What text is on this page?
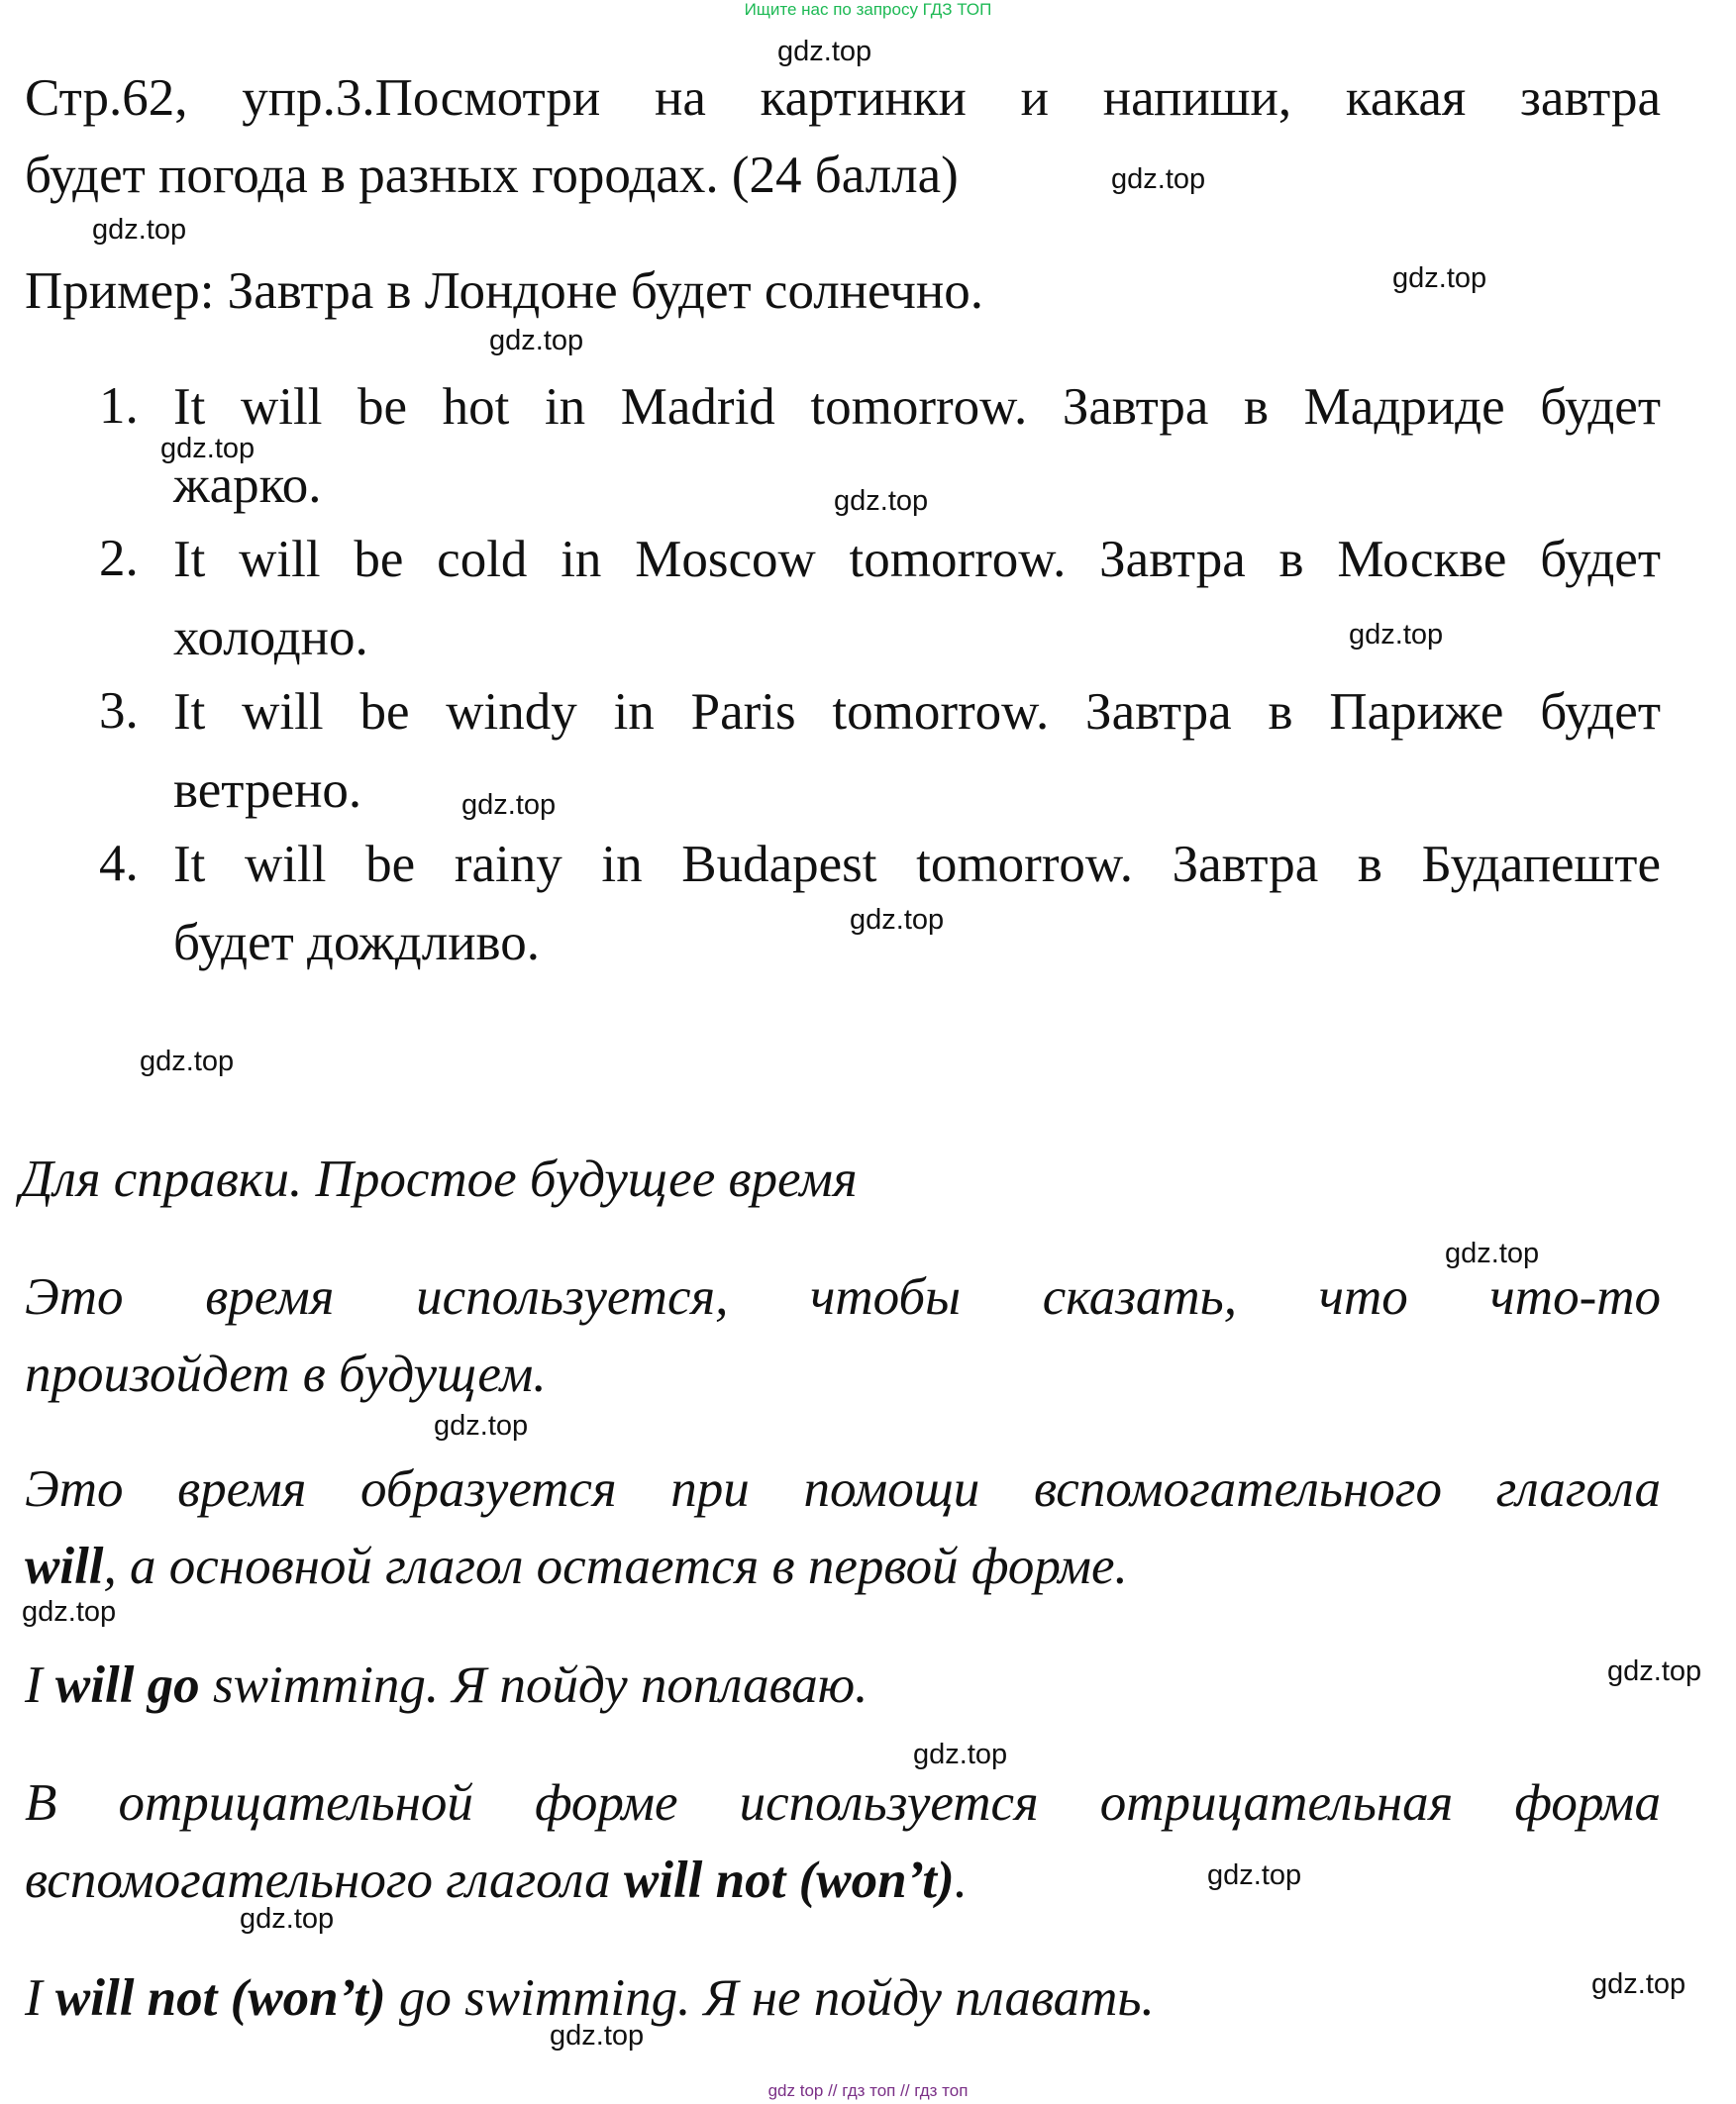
Ищите нас по запросу ГДЗ ТОП
Стр.62, упр.3.Посмотри на картинки и напиши, какая завтра
будет погода в разных городах. (24 балла)
Пример: Завтра в Лондоне будет солнечно.
1. It will be hot in Madrid tomorrow. Завтра в Мадриде будет
жарко.
2. It will be cold in Moscow tomorrow. Завтра в Москве будет
холодно.
3. It will be windy in Paris tomorrow. Завтра в Париже будет
ветрено.
4. It will be rainy in Budapest tomorrow. Завтра в Будапеште
будет дождливо.
Для справки. Простое будущее время
Это время используется, чтобы сказать, что что-то
произойдет в будущем.
Это время образуется при помощи вспомогательного глагола
will, а основной глагол остается в первой форме.
I will go swimming. Я пойду поплаваю.
В отрицательной форме используется отрицательная форма
вспомогательного глагола will not (won’t).
I will not (won’t) go swimming. Я не пойду плавать.
gdz.top
gdz.top
gdz.top
gdz.top
gdz.top
gdz.top
gdz.top
gdz.top
gdz.top
gdz.top
gdz.top
gdz.top
gdz.top
gdz.top
gdz.top
gdz.top
gdz.top
gdz.top
gdz.top
gdz.top
gdz top // гдз топ // гдз топ
